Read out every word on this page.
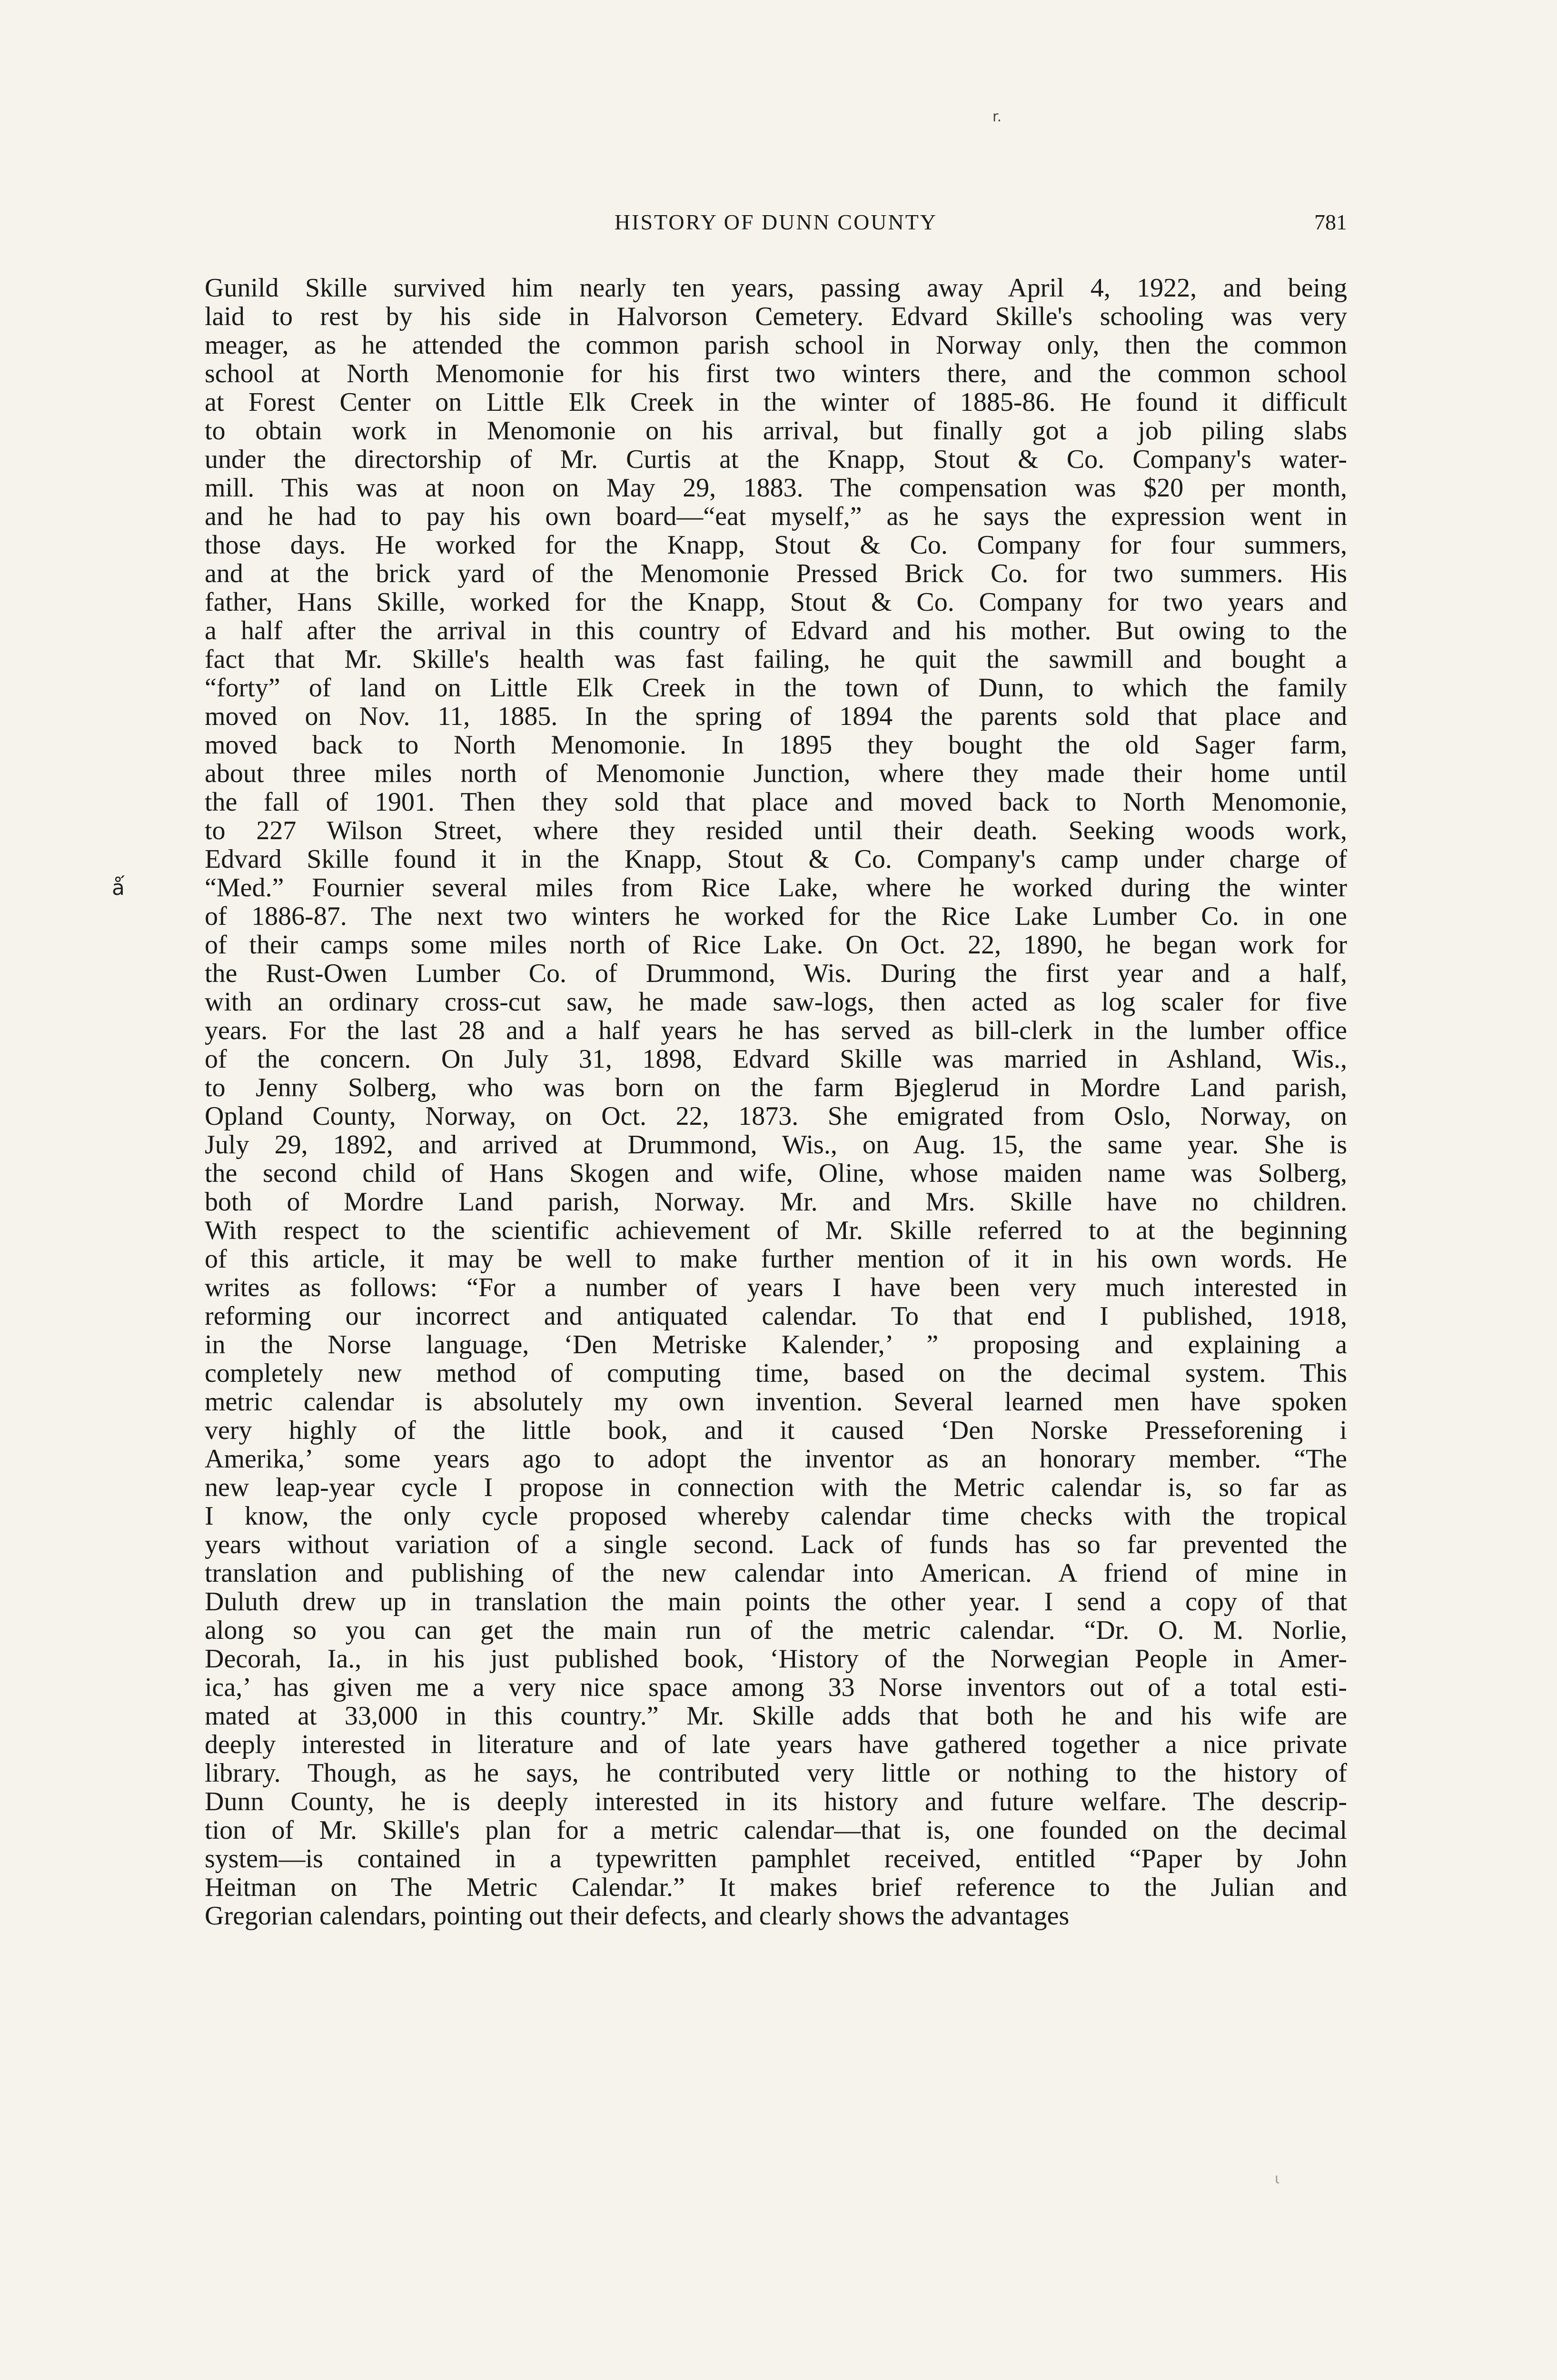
r.
HISTORY OF DUNN COUNTY	781
ǻ
Gunild Skille survived him nearly ten years, passing away April 4, 1922, and being
laid to rest by his side in Halvorson Cemetery. Edvard Skille's schooling was very
meager, as he attended the common parish school in Norway only, then the common
school at North Menomonie for his first two winters there, and the common school
at Forest Center on Little Elk Creek in the winter of 1885-86. He found it difficult
to obtain work in Menomonie on his arrival, but finally got a job piling slabs
under the directorship of Mr. Curtis at the Knapp, Stout & Co. Company's water-
mill. This was at noon on May 29, 1883. The compensation was $20 per month,
and he had to pay his own board—“eat myself,” as he says the expression went in
those days. He worked for the Knapp, Stout & Co. Company for four summers,
and at the brick yard of the Menomonie Pressed Brick Co. for two summers. His
father, Hans Skille, worked for the Knapp, Stout & Co. Company for two years and
a half after the arrival in this country of Edvard and his mother. But owing to the
fact that Mr. Skille's health was fast failing, he quit the sawmill and bought a
“forty” of land on Little Elk Creek in the town of Dunn, to which the family
moved on Nov. 11, 1885. In the spring of 1894 the parents sold that place and
moved back to North Menomonie. In 1895 they bought the old Sager farm,
about three miles north of Menomonie Junction, where they made their home until
the fall of 1901. Then they sold that place and moved back to North Menomonie,
to 227 Wilson Street, where they resided until their death. Seeking woods work,
Edvard Skille found it in the Knapp, Stout & Co. Company's camp under charge of
“Med.” Fournier several miles from Rice Lake, where he worked during the winter
of 1886-87. The next two winters he worked for the Rice Lake Lumber Co. in one
of their camps some miles north of Rice Lake. On Oct. 22, 1890, he began work for
the Rust-Owen Lumber Co. of Drummond, Wis. During the first year and a half,
with an ordinary cross-cut saw, he made saw-logs, then acted as log scaler for five
years. For the last 28 and a half years he has served as bill-clerk in the lumber office
of the concern. On July 31, 1898, Edvard Skille was married in Ashland, Wis.,
to Jenny Solberg, who was born on the farm Bjeglerud in Mordre Land parish,
Opland County, Norway, on Oct. 22, 1873. She emigrated from Oslo, Norway, on
July 29, 1892, and arrived at Drummond, Wis., on Aug. 15, the same year. She is
the second child of Hans Skogen and wife, Oline, whose maiden name was Solberg,
both of Mordre Land parish, Norway. Mr. and Mrs. Skille have no children.
With respect to the scientific achievement of Mr. Skille referred to at the beginning
of this article, it may be well to make further mention of it in his own words. He
writes as follows: “For a number of years I have been very much interested in
reforming our incorrect and antiquated calendar. To that end I published, 1918,
in the Norse language, ‘Den Metriske Kalender,’ ” proposing and explaining a
completely new method of computing time, based on the decimal system. This
metric calendar is absolutely my own invention. Several learned men have spoken
very highly of the little book, and it caused ‘Den Norske Presseforening i
Amerika,’ some years ago to adopt the inventor as an honorary member. “The
new leap-year cycle I propose in connection with the Metric calendar is, so far as
I know, the only cycle proposed whereby calendar time checks with the tropical
years without variation of a single second. Lack of funds has so far prevented the
translation and publishing of the new calendar into American. A friend of mine in
Duluth drew up in translation the main points the other year. I send a copy of that
along so you can get the main run of the metric calendar. “Dr. O. M. Norlie,
Decorah, Ia., in his just published book, ‘History of the Norwegian People in Amer-
ica,’ has given me a very nice space among 33 Norse inventors out of a total esti-
mated at 33,000 in this country.” Mr. Skille adds that both he and his wife are
deeply interested in literature and of late years have gathered together a nice private
library. Though, as he says, he contributed very little or nothing to the history of
Dunn County, he is deeply interested in its history and future welfare. The descrip-
tion of Mr. Skille's plan for a metric calendar—that is, one founded on the decimal
system—is contained in a typewritten pamphlet received, entitled “Paper by John
Heitman on The Metric Calendar.” It makes brief reference to the Julian and
Gregorian calendars, pointing out their defects, and clearly shows the advantages
ι
